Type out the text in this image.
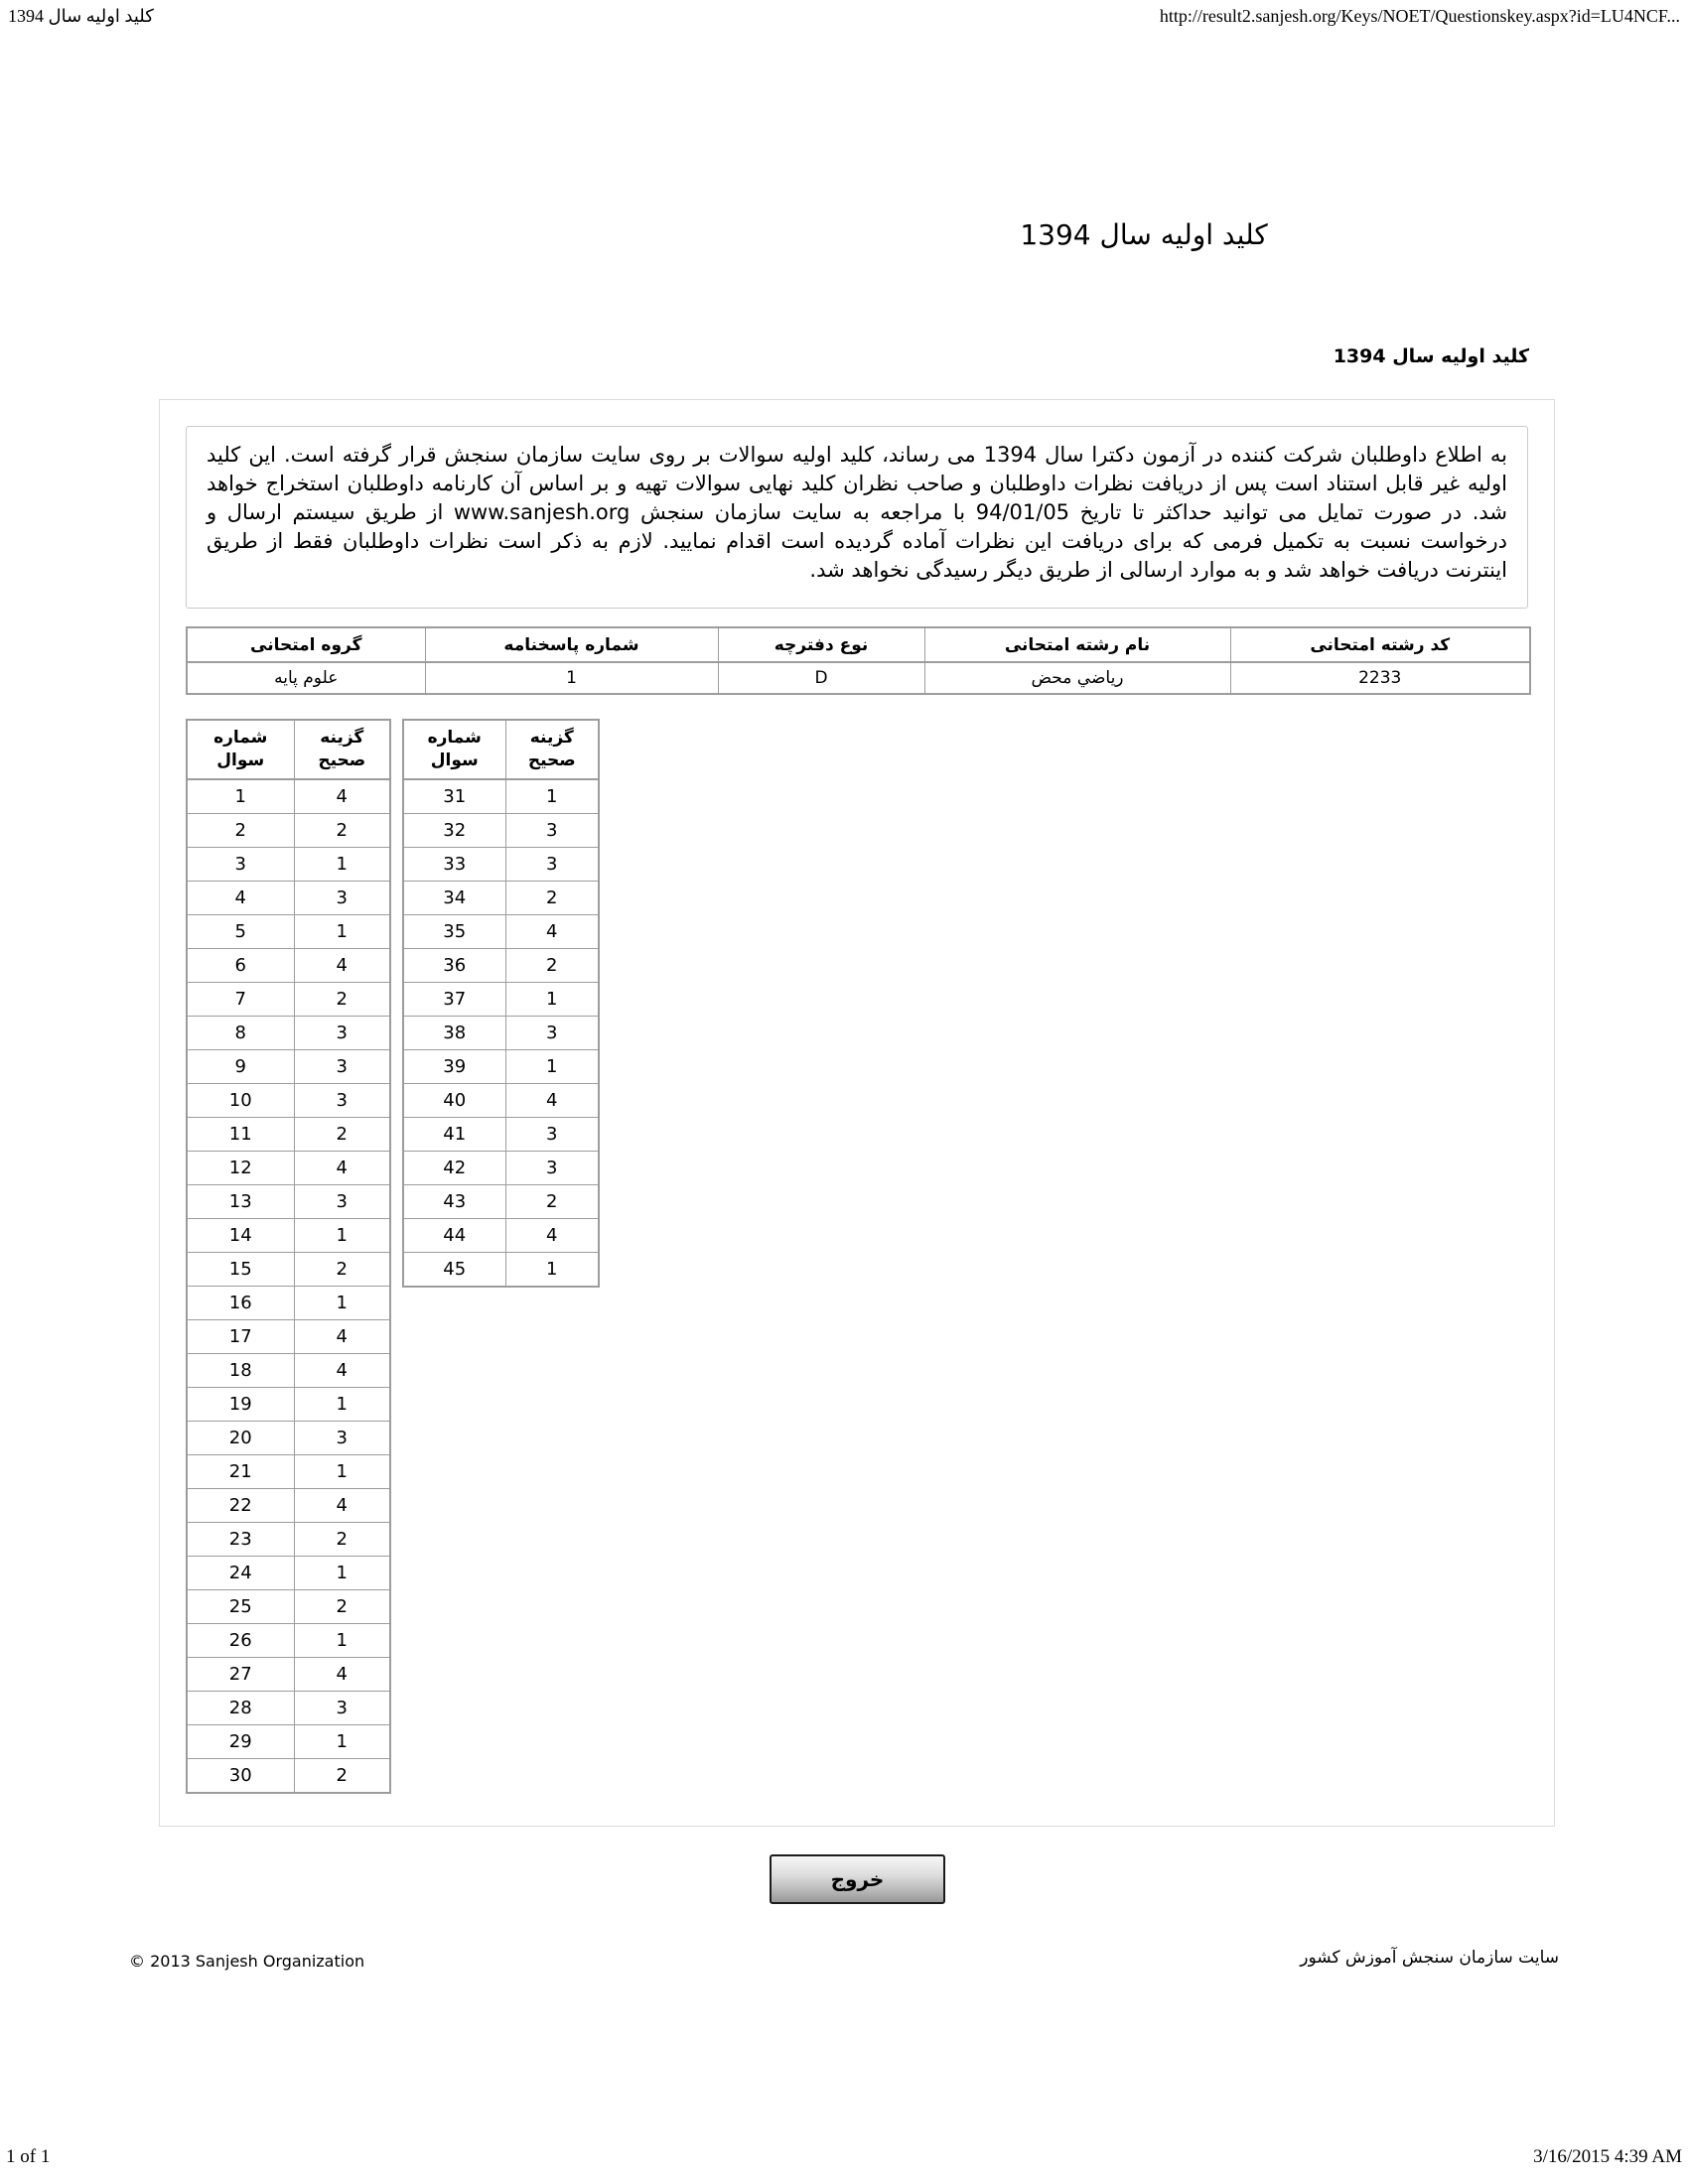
کلید اولیه سال 1394	http://result2.sanjesh.org/Keys/NOET/Questionskey.aspx?id=LU4NCF...
کلید اولیه سال 1394
کلید اولیه سال 1394
به اطلاع داوطلبان شرکت کننده در آزمون دکترا سال 1394 می رساند، کلید اولیه سوالات بر روی سایت سازمان سنجش قرار گرفته است. این کلید اولیه غیر قابل استناد است پس از دریافت نظرات داوطلبان و صاحب نظران کلید نهایی سوالات تهیه و بر اساس آن کارنامه داوطلبان استخراج خواهد شد. در صورت تمایل می توانید حداکثر تا تاریخ 94/01/05 با مراجعه به سایت سازمان سنجش www.sanjesh.org از طریق سیستم ارسال و درخواست نسبت به تکمیل فرمی که برای دریافت این نظرات آماده گردیده است اقدام نمایید. لازم به ذکر است نظرات داوطلبان فقط از طریق اینترنت دریافت خواهد شد و به موارد ارسالی از طریق دیگر رسیدگی نخواهد شد.
کد رشته امتحانی	نام رشته امتحانی	نوع دفترچه	شماره پاسخنامه	گروه امتحانی
2233	رياضي محض	D	1	علوم پایه
شماره
سوال	گزینه
صحیح
1	4
2	2
3	1
4	3
5	1
6	4
7	2
8	3
9	3
10	3
11	2
12	4
13	3
14	1
15	2
16	1
17	4
18	4
19	1
20	3
21	1
22	4
23	2
24	1
25	2
26	1
27	4
28	3
29	1
30	2
شماره
سوال	گزینه
صحیح
31	1
32	3
33	3
34	2
35	4
36	2
37	1
38	3
39	1
40	4
41	3
42	3
43	2
44	4
45	1
خروج
© 2013 Sanjesh Organization	سایت سازمان سنجش آموزش کشور
1 of 1	3/16/2015 4:39 AM
